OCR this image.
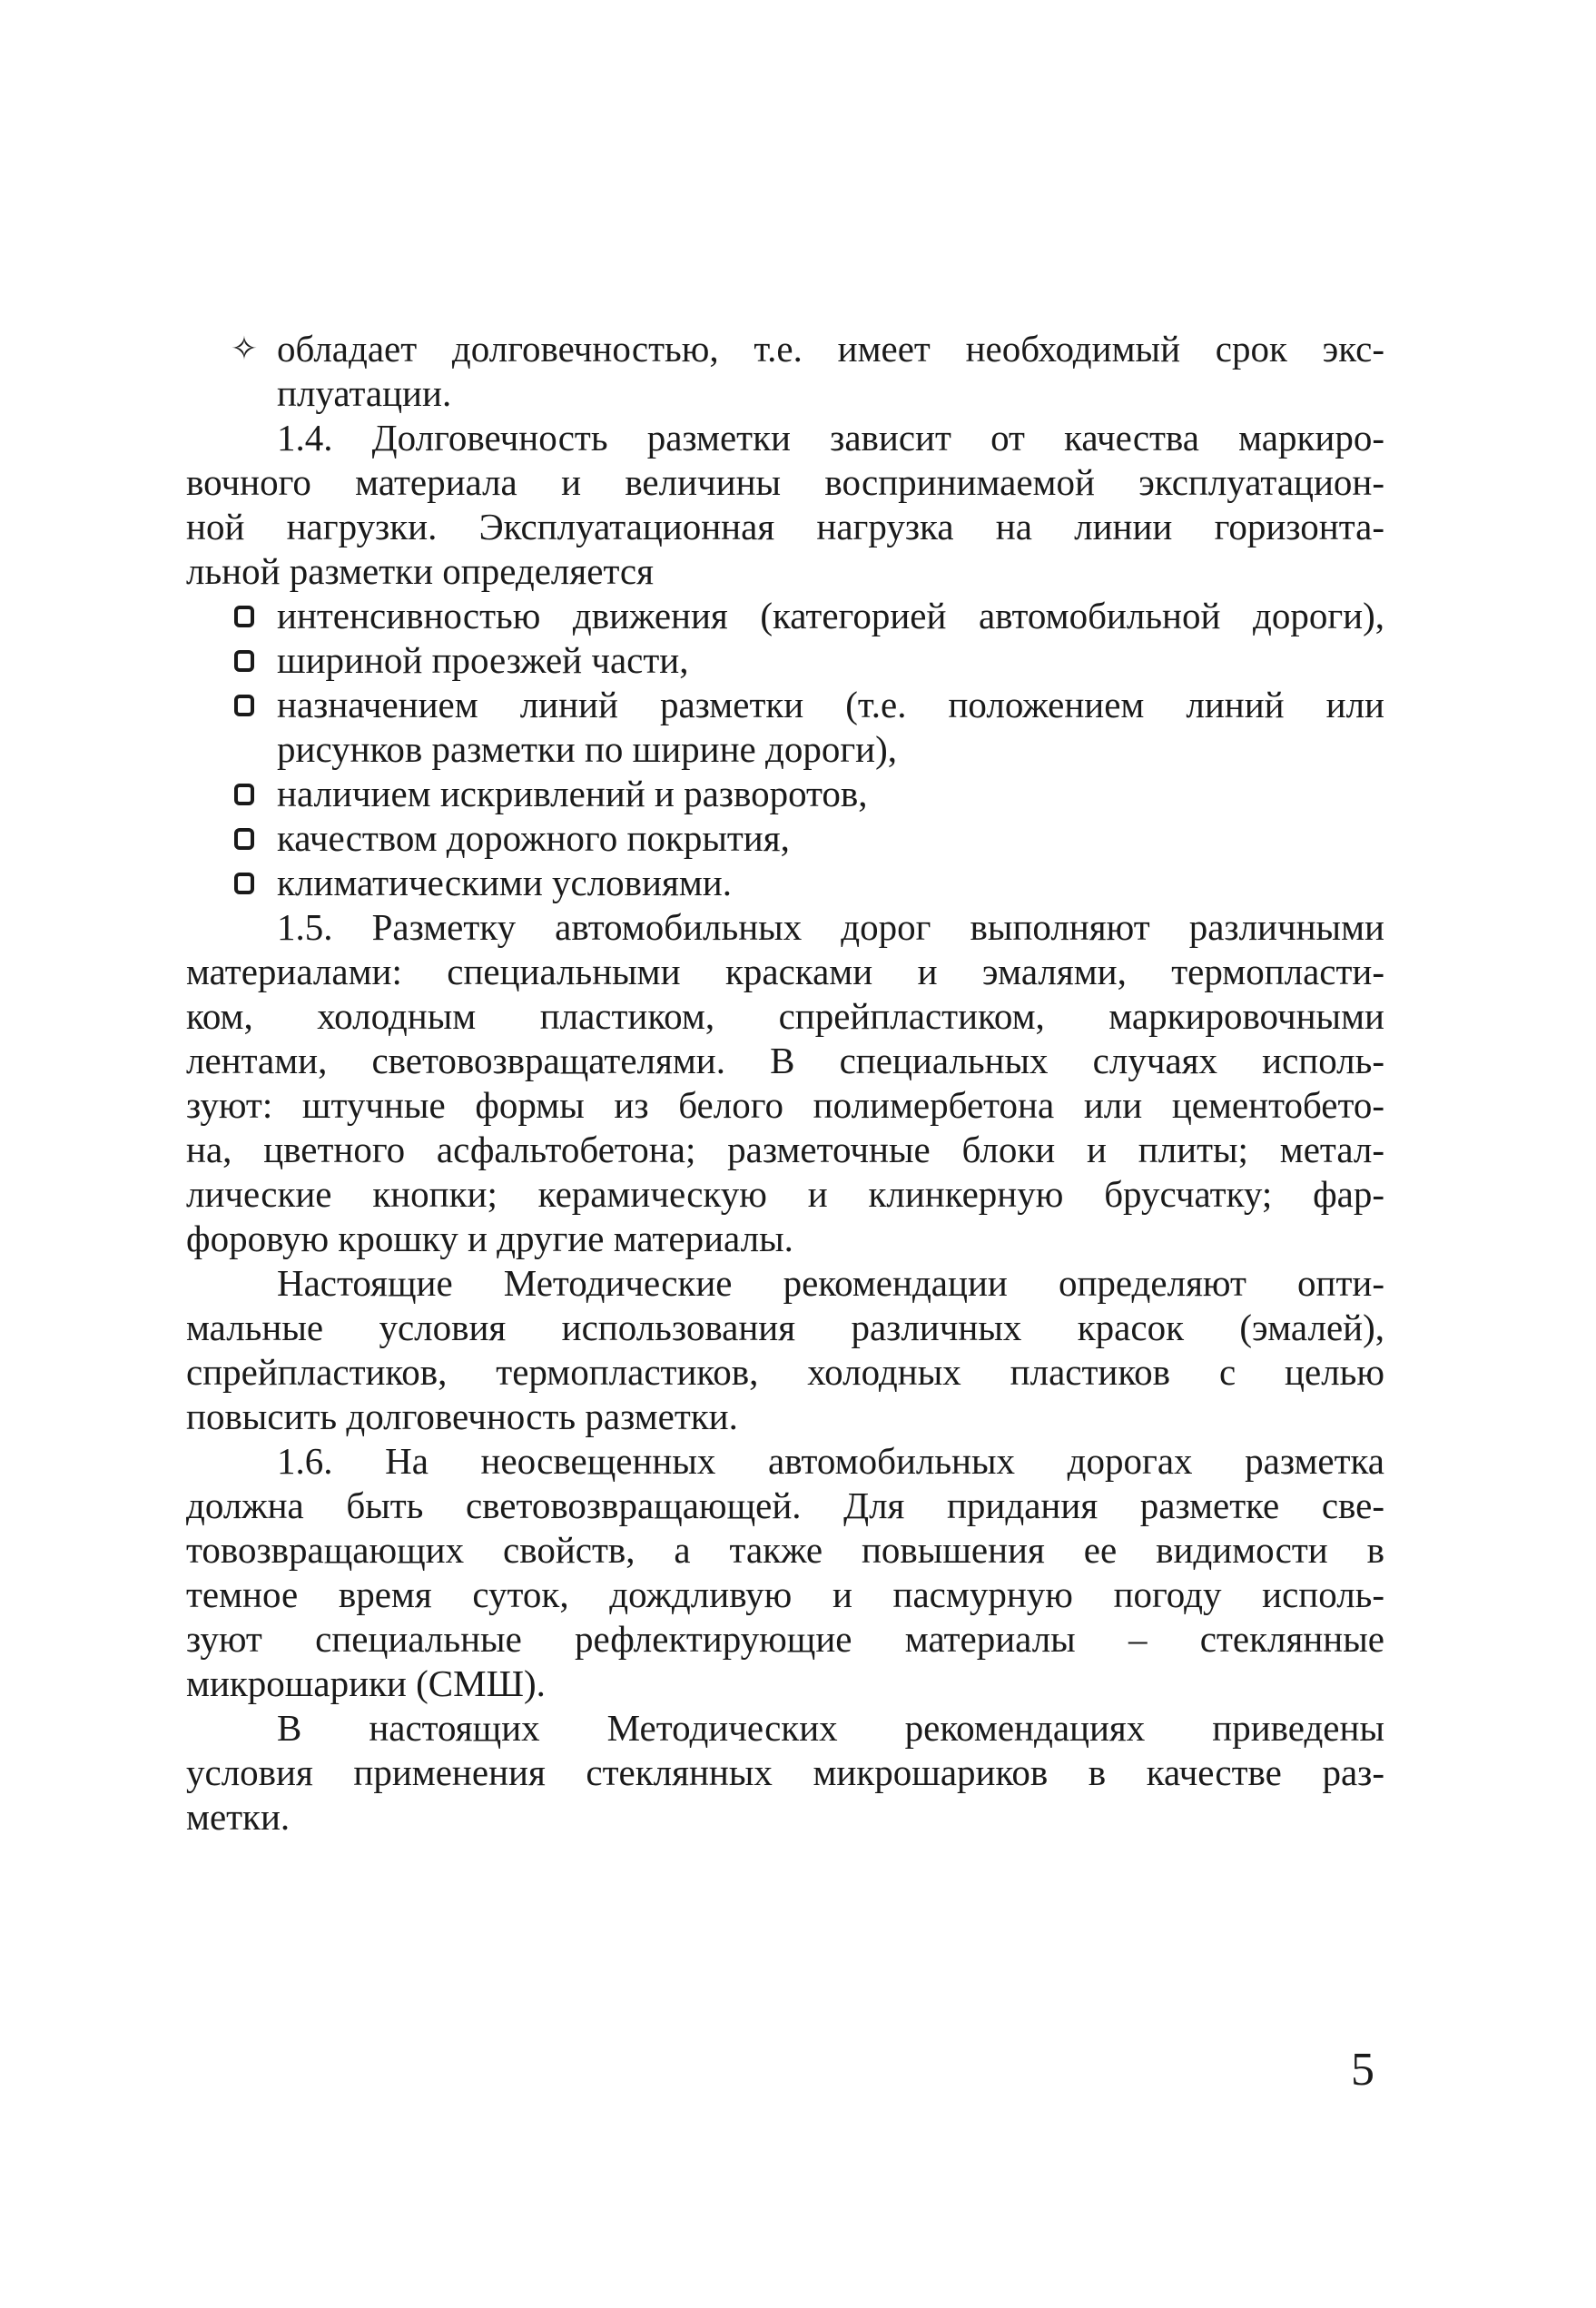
✧ обладает долговечностью, т.е. имеет необходимый срок экс-
плуатации.
1.4. Долговечность разметки зависит от качества маркиро-
вочного материала и величины воспринимаемой эксплуатацион-
ной нагрузки. Эксплуатационная нагрузка на линии горизонта-
льной разметки определяется
интенсивностью движения (категорией автомобильной дороги),
шириной проезжей части,
назначением линий разметки (т.е. положением линий или
рисунков разметки по ширине дороги),
наличием искривлений и разворотов,
качеством дорожного покрытия,
климатическими условиями.
1.5. Разметку автомобильных дорог выполняют различными
материалами: специальными красками и эмалями, термопласти-
ком, холодным пластиком, спрейпластиком, маркировочными
лентами, световозвращателями. В специальных случаях исполь-
зуют: штучные формы из белого полимербетона или цементобето-
на, цветного асфальтобетона; разметочные блоки и плиты; метал-
лические кнопки; керамическую и клинкерную брусчатку; фар-
форовую крошку и другие материалы.
Настоящие Методические рекомендации определяют опти-
мальные условия использования различных красок (эмалей),
спрейпластиков, термопластиков, холодных пластиков с целью
повысить долговечность разметки.
1.6. На неосвещенных автомобильных дорогах разметка
должна быть световозвращающей. Для придания разметке све-
товозвращающих свойств, а также повышения ее видимости в
темное время суток, дождливую и пасмурную погоду исполь-
зуют специальные рефлектирующие материалы – стеклянные
микрошарики (СМШ).
В настоящих Методических рекомендациях приведены
условия применения стеклянных микрошариков в качестве раз-
метки.
5
